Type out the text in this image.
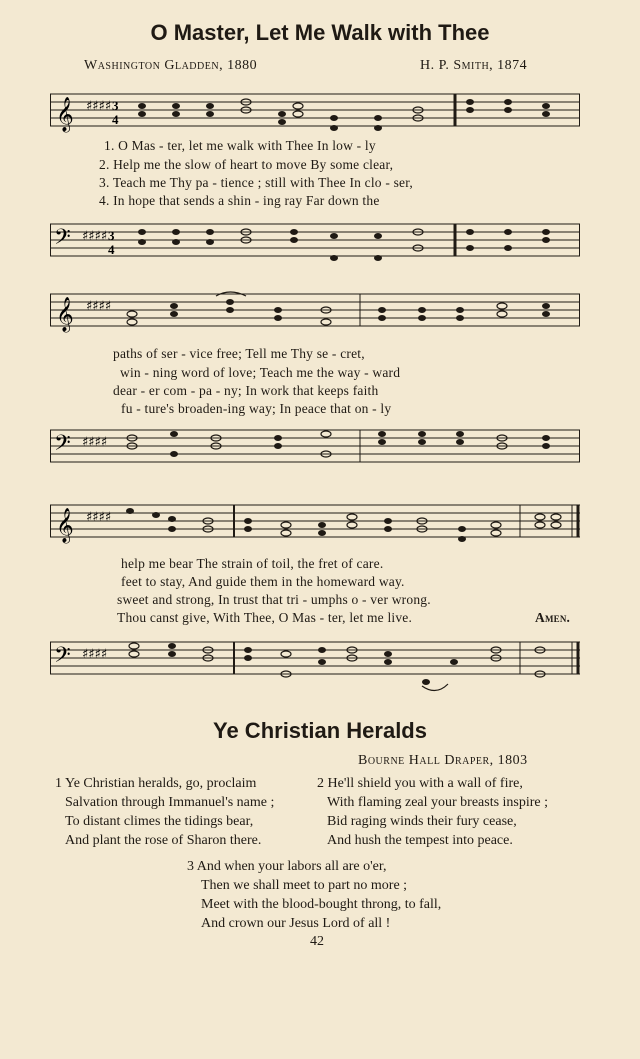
O Master, Let Me Walk with Thee
Washington Gladden, 1880	H. P. Smith, 1874
𝄞 ♯♯♯♯ 3
4
1. O Mas - ter, let me walk with Thee In low - ly
2. Help me the slow of heart to move By some clear,
3. Teach me Thy pa - tience ; still with Thee In clo - ser,
4. In hope that sends a shin - ing ray Far down the
𝄢 ♯♯♯♯ 3
4
𝄞 ♯♯♯♯
paths of ser - vice free; Tell me Thy se - cret,
win - ning word of love; Teach me the way - ward
dear - er com - pa - ny; In work that keeps faith
fu - ture's broaden-ing way; In peace that on - ly
𝄢 ♯♯♯♯
𝄞 ♯♯♯♯
help me bear The strain of toil, the fret of care.
feet to stay, And guide them in the homeward way.
sweet and strong, In trust that tri - umphs o - ver wrong.
Thou canst give, With Thee, O Mas - ter, let me live.	Amen.
𝄢 ♯♯♯♯
Ye Christian Heralds
Bourne Hall Draper, 1803
1 Ye Christian heralds, go, proclaim
Salvation through Immanuel's name ;
To distant climes the tidings bear,
And plant the rose of Sharon there.
2 He'll shield you with a wall of fire,
With flaming zeal your breasts inspire ;
Bid raging winds their fury cease,
And hush the tempest into peace.
3 And when your labors all are o'er,
Then we shall meet to part no more ;
Meet with the blood-bought throng, to fall,
And crown our Jesus Lord of all !
42
